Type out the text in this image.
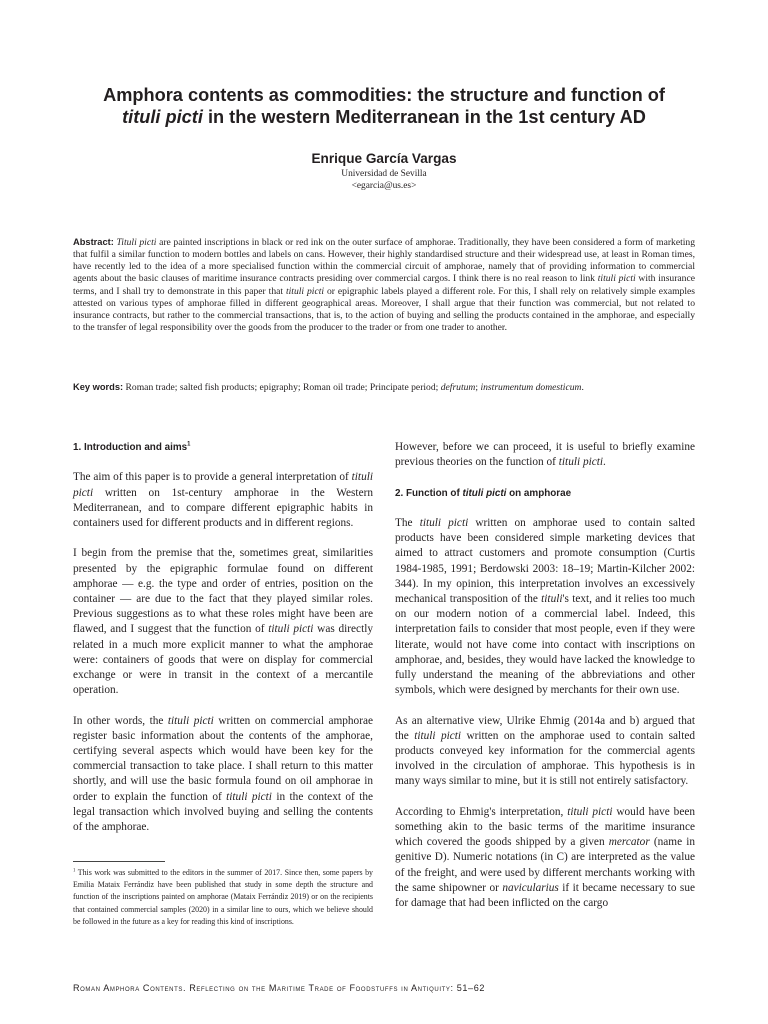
Amphora contents as commodities: the structure and function of
tituli picti in the western Mediterranean in the 1st century AD
Enrique García Vargas
Universidad de Sevilla
<egarcia@us.es>
Abstract: Tituli picti are painted inscriptions in black or red ink on the outer surface of amphorae. Traditionally, they have been considered a form of marketing that fulfil a similar function to modern bottles and labels on cans. However, their highly standardised structure and their widespread use, at least in Roman times, have recently led to the idea of a more specialised function within the commercial circuit of amphorae, namely that of providing information to commercial agents about the basic clauses of maritime insurance contracts presiding over commercial cargos. I think there is no real reason to link tituli picti with insurance terms, and I shall try to demonstrate in this paper that tituli picti or epigraphic labels played a different role. For this, I shall rely on relatively simple examples attested on various types of amphorae filled in different geographical areas. Moreover, I shall argue that their function was commercial, but not related to insurance contracts, but rather to the commercial transactions, that is, to the action of buying and selling the products contained in the amphorae, and especially to the transfer of legal responsibility over the goods from the producer to the trader or from one trader to another.
Key words: Roman trade; salted fish products; epigraphy; Roman oil trade; Principate period; defrutum; instrumentum domesticum.
1. Introduction and aims$^1$

The aim of this paper is to provide a general interpretation of tituli picti written on 1st-century amphorae in the Western Mediterranean, and to compare different epigraphic habits in containers used for different products and in different regions.

I begin from the premise that the, sometimes great, similarities presented by the epigraphic formulae found on different amphorae — e.g. the type and order of entries, position on the container — are due to the fact that they played similar roles. Previous suggestions as to what these roles might have been are flawed, and I suggest that the function of tituli picti was directly related in a much more explicit manner to what the amphorae were: containers of goods that were on display for commercial exchange or were in transit in the context of a mercantile operation.

In other words, the tituli picti written on commercial amphorae register basic information about the contents of the amphorae, certifying several aspects which would have been key for the commercial transaction to take place. I shall return to this matter shortly, and will use the basic formula found on oil amphorae in order to explain the function of tituli picti in the context of the legal transaction which involved buying and selling the contents of the amphorae.

However, before we can proceed, it is useful to briefly examine previous theories on the function of tituli picti.

2. Function of tituli picti on amphorae

The tituli picti written on amphorae used to contain salted products have been considered simple marketing devices that aimed to attract customers and promote consumption (Curtis 1984-1985, 1991; Berdowski 2003: 18–19; Martin-Kilcher 2002: 344). In my opinion, this interpretation involves an excessively mechanical transposition of the tituli's text, and it relies too much on our modern notion of a commercial label. Indeed, this interpretation fails to consider that most people, even if they were literate, would not have come into contact with inscriptions on amphorae, and, besides, they would have lacked the knowledge to fully understand the meaning of the abbreviations and other symbols, which were designed by merchants for their own use.

As an alternative view, Ulrike Ehmig (2014a and b) argued that the tituli picti written on the amphorae used to contain salted products conveyed key information for the commercial agents involved in the circulation of amphorae. This hypothesis is in many ways similar to mine, but it is still not entirely satisfactory.

According to Ehmig's interpretation, tituli picti would have been something akin to the basic terms of the maritime insurance which covered the goods shipped by a given mercator (name in genitive D). Numeric notations (in C) are interpreted as the value of the freight, and were used by different merchants working with the same shipowner or navicularius if it became necessary to sue for damage that had been inflicted on the cargo

$^1$ This work was submitted to the editors in the summer of 2017. Since then, some papers by Emilia Mataix Ferrándiz have been published that study in some depth the structure and function of the inscriptions painted on amphorae (Mataix Ferrándiz 2019) or on the recipients that contained commercial samples (2020) in a similar line to ours, which we believe should be followed in the future as a key for reading this kind of inscriptions.
Roman Amphora Contents. Reflecting on the Maritime Trade of Foodstuffs in Antiquity: 51–62
